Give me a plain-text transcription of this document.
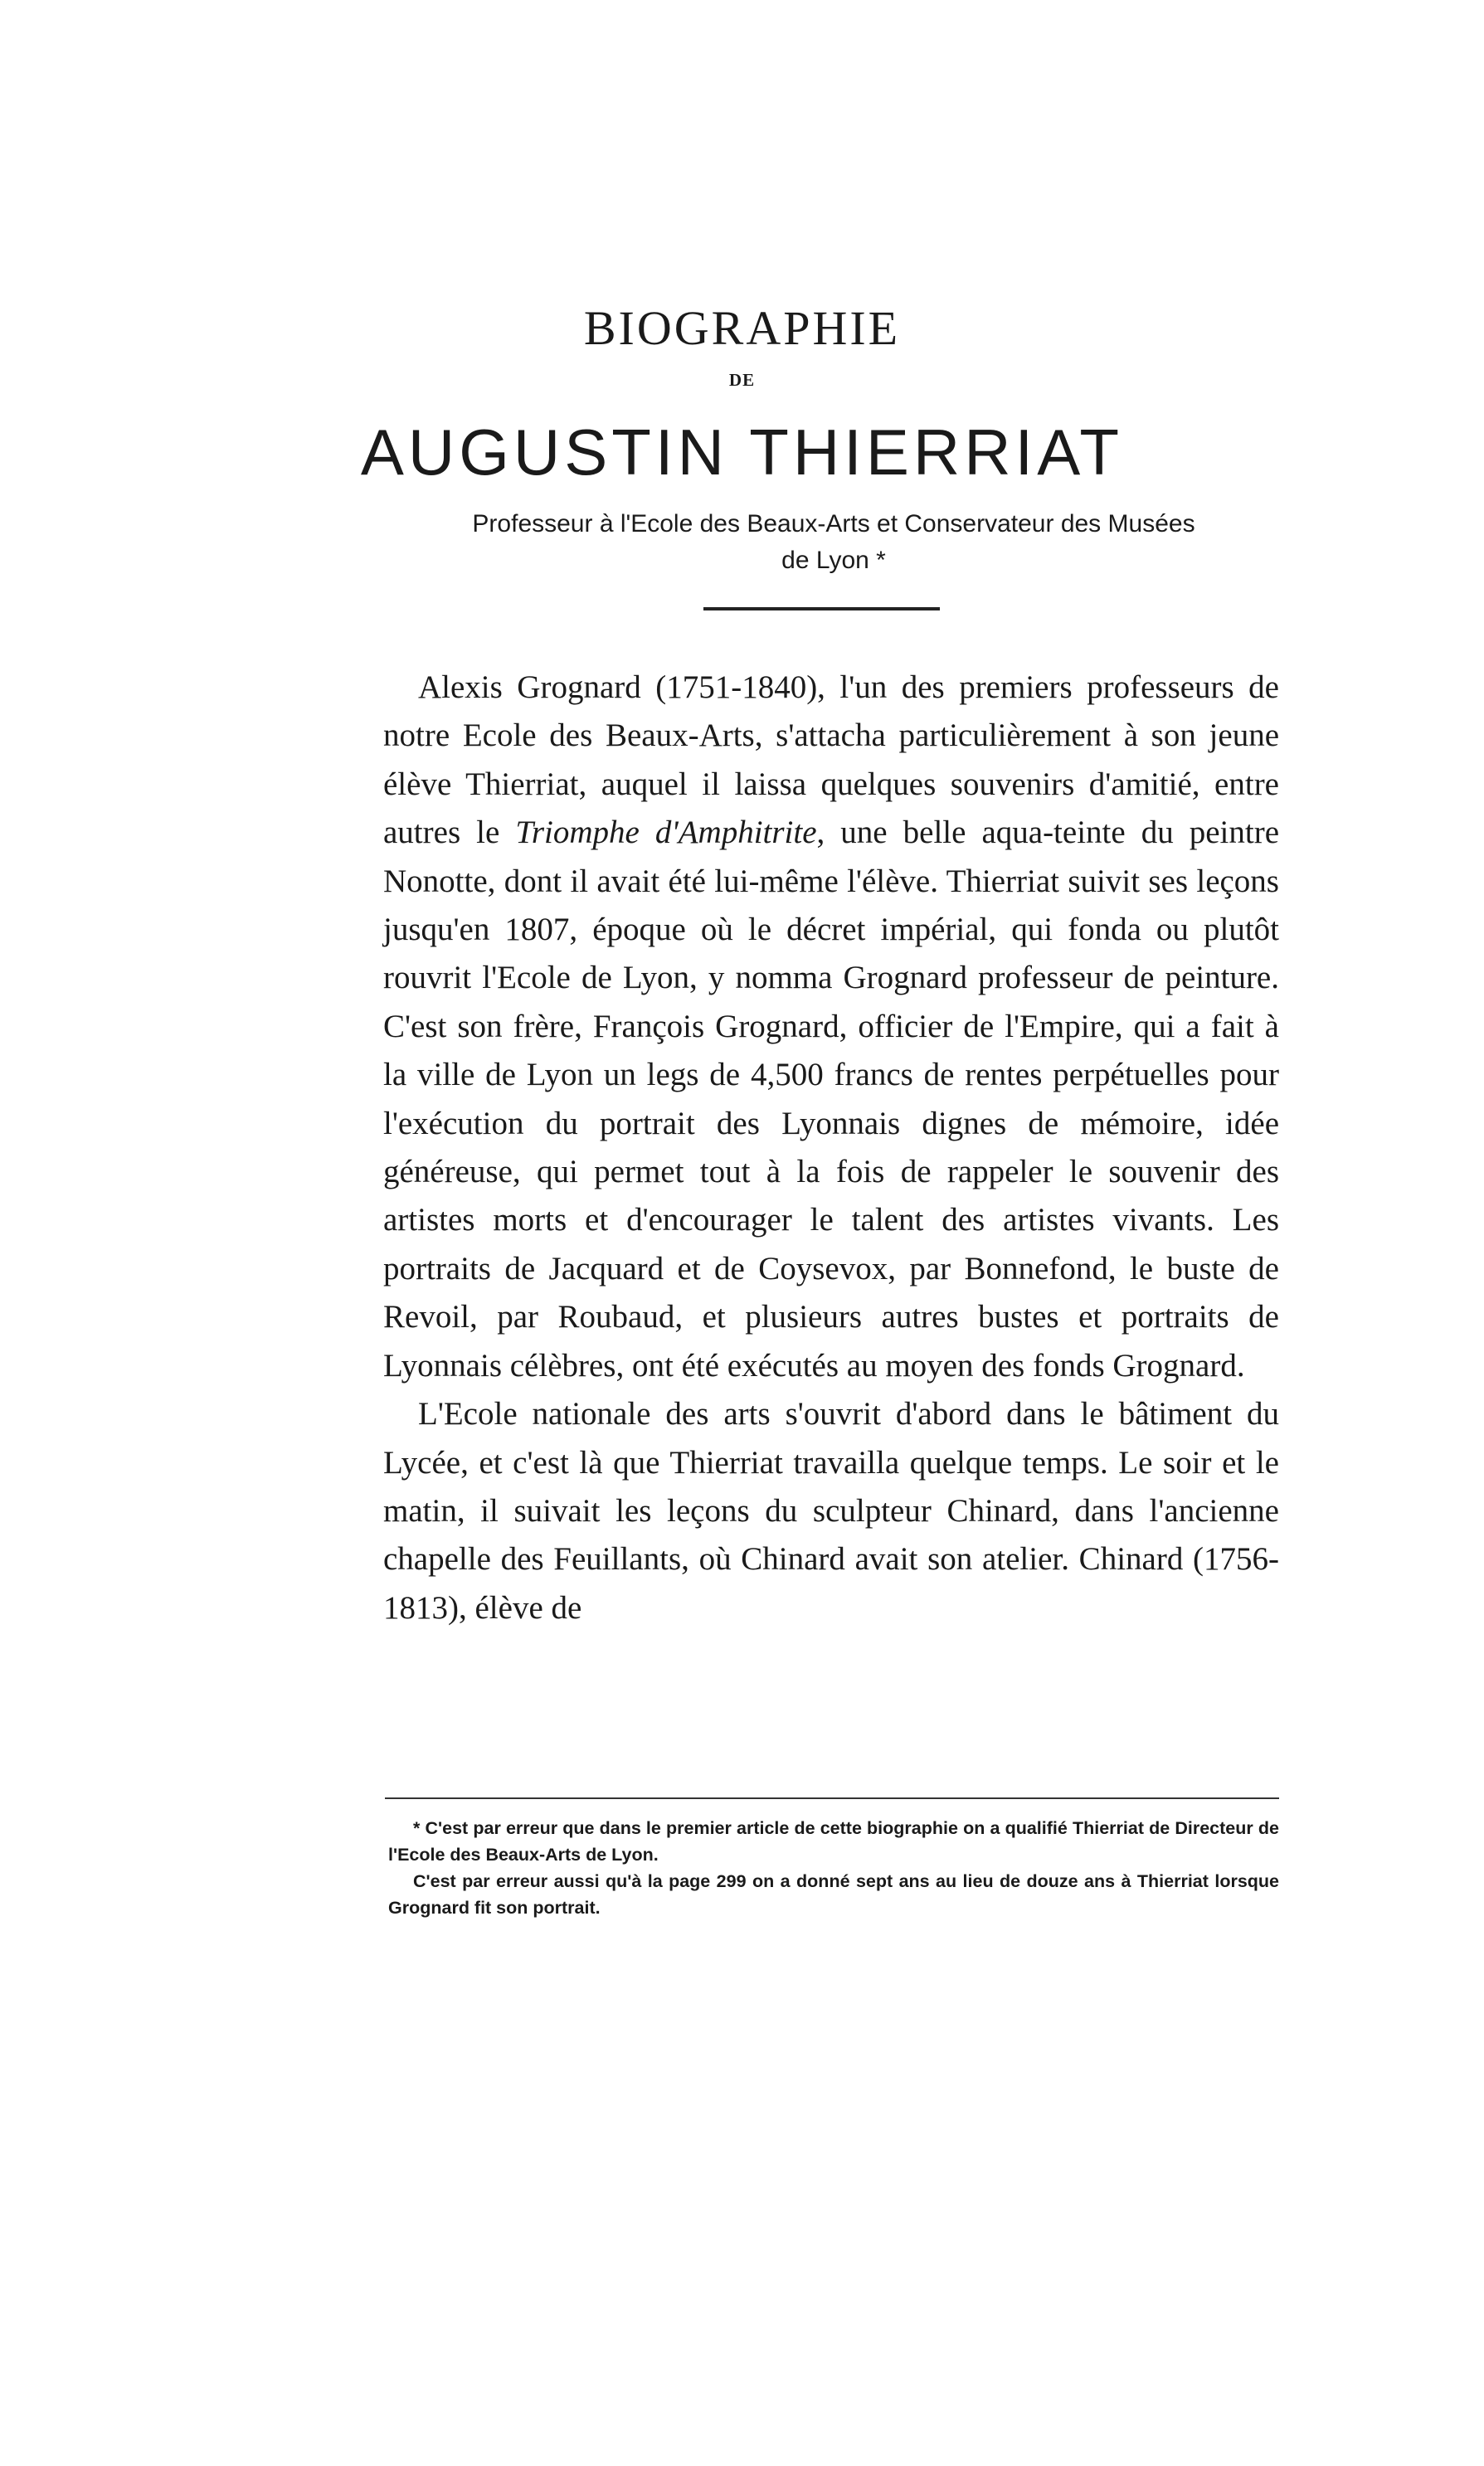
BIOGRAPHIE
DE
AUGUSTIN THIERRIAT
Professeur à l'Ecole des Beaux-Arts et Conservateur des Musées
de Lyon *

Alexis Grognard (1751-1840), l'un des premiers professeurs de notre Ecole des Beaux-Arts, s'attacha particulièrement à son jeune élève Thierriat, auquel il laissa quelques souvenirs d'amitié, entre autres le Triomphe d'Amphitrite, une belle aqua-teinte du peintre Nonotte, dont il avait été lui-même l'élève. Thierriat suivit ses leçons jusqu'en 1807, époque où le décret impérial, qui fonda ou plutôt rouvrit l'Ecole de Lyon, y nomma Grognard professeur de peinture. C'est son frère, François Grognard, officier de l'Empire, qui a fait à la ville de Lyon un legs de 4,500 francs de rentes perpétuelles pour l'exécution du portrait des Lyonnais dignes de mémoire, idée généreuse, qui permet tout à la fois de rappeler le souvenir des artistes morts et d'encourager le talent des artistes vivants. Les portraits de Jacquard et de Coysevox, par Bonnefond, le buste de Revoil, par Roubaud, et plusieurs autres bustes et portraits de Lyonnais célèbres, ont été exécutés au moyen des fonds Grognard.

L'Ecole nationale des arts s'ouvrit d'abord dans le bâtiment du Lycée, et c'est là que Thierriat travailla quelque temps. Le soir et le matin, il suivait les leçons du sculpteur Chinard, dans l'ancienne chapelle des Feuillants, où Chinard avait son atelier. Chinard (1756-1813), élève de

* C'est par erreur que dans le premier article de cette biographie on a qualifié Thierriat de Directeur de l'Ecole des Beaux-Arts de Lyon.

C'est par erreur aussi qu'à la page 299 on a donné sept ans au lieu de douze ans à Thierriat lorsque Grognard fit son portrait.
